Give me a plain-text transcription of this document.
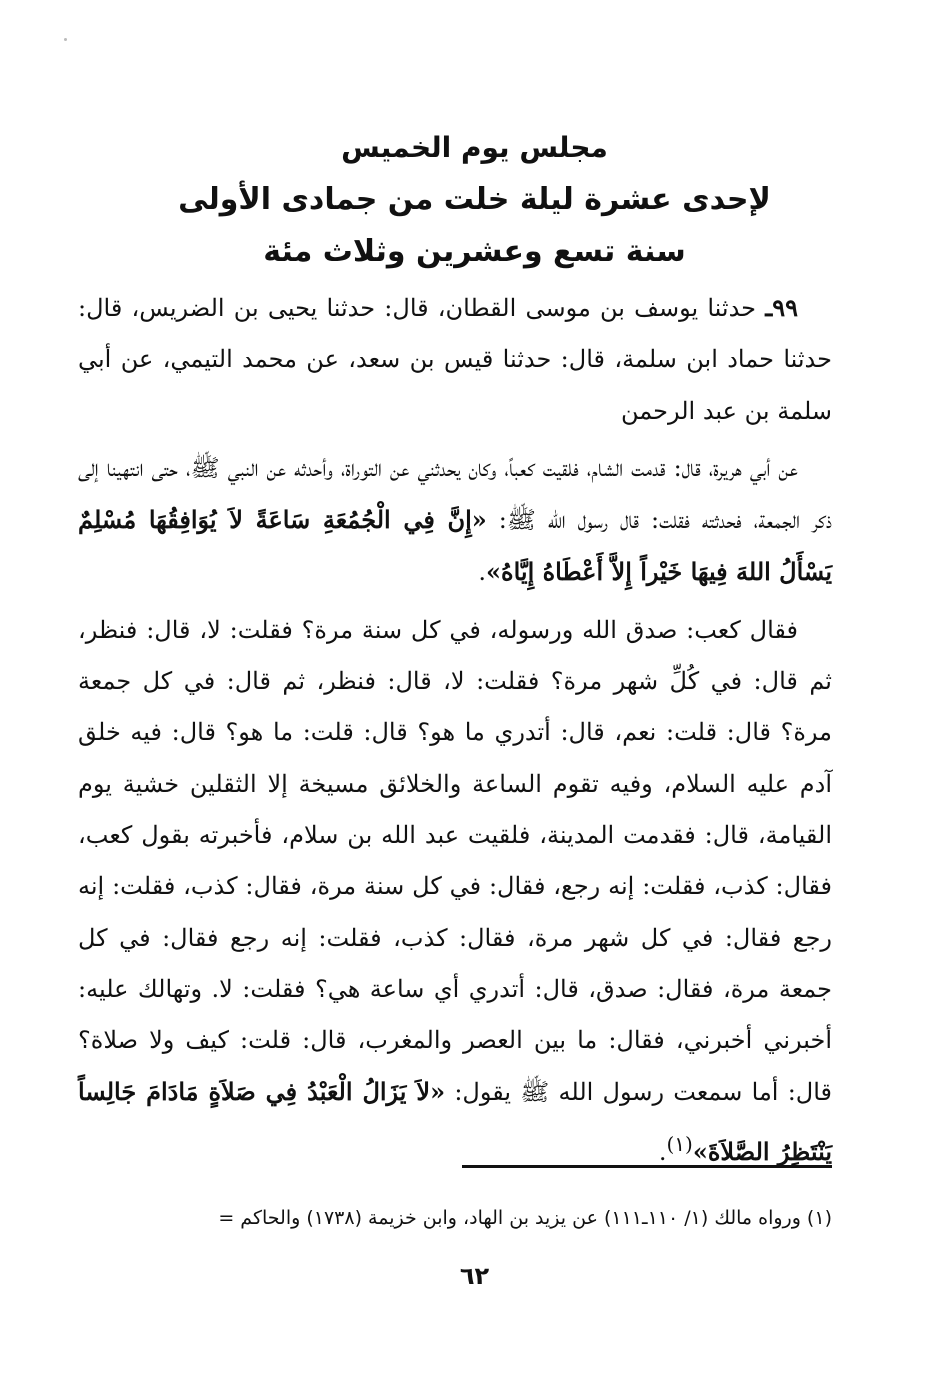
مجلس يوم الخميس

لإحدى عشرة ليلة خلت من جمادى الأولى

سنة تسع وعشرين وثلاث مئة

٩٩ـ حدثنا يوسف بن موسى القطان، قال: حدثنا يحيى بن الضريس، قال: حدثنا حماد ابن سلمة، قال: حدثنا قيس بن سعد، عن محمد التيمي، عن أبي سلمة بن عبد الرحمن

عن أبي هريرة، قال: قدمت الشام، فلقيت كعباً، وكان يحدثني عن التوراة، وأحدثه عن النبي ﷺ، حتى انتهينا إلى ذكر الجمعة، فحدثته فقلت: قال رسول الله ﷺ: «إِنَّ فِي الْجُمُعَةِ سَاعَةً لاَ يُوَافِقُهَا مُسْلِمٌ يَسْأَلُ اللهَ فِيهَا خَيْراً إِلاَّ أَعْطَاهُ إِيَّاهُ».

فقال كعب: صدق الله ورسوله، في كل سنة مرة؟ فقلت: لا، قال: فنظر، ثم قال: في كُلِّ شهر مرة؟ فقلت: لا، قال: فنظر، ثم قال: في كل جمعة مرة؟ قال: قلت: نعم، قال: أتدري ما هو؟ قال: قلت: ما هو؟ قال: فيه خلق آدم عليه السلام، وفيه تقوم الساعة والخلائق مسيخة إلا الثقلين خشية يوم القيامة، قال: فقدمت المدينة، فلقيت عبد الله بن سلام، فأخبرته بقول كعب، فقال: كذب، فقلت: إنه رجع، فقال: في كل سنة مرة، فقال: كذب، فقلت: إنه رجع فقال: في كل شهر مرة، فقال: كذب، فقلت: إنه رجع فقال: في كل جمعة مرة، فقال: صدق، قال: أتدري أي ساعة هي؟ فقلت: لا. وتهالك عليه: أخبرني أخبرني، فقال: ما بين العصر والمغرب، قال: قلت: كيف ولا صلاة؟ قال: أما سمعت رسول الله ﷺ يقول: «لاَ يَزَالُ الْعَبْدُ فِي صَلاَةٍ مَادَامَ جَالِساً يَنْتَظِرُ الصَّلاَةَ»$^{(١)}$.

(١) ورواه مالك (١/ ١١٠ـ١١١) عن يزيد بن الهاد، وابن خزيمة (١٧٣٨) والحاكم =
٦٢
